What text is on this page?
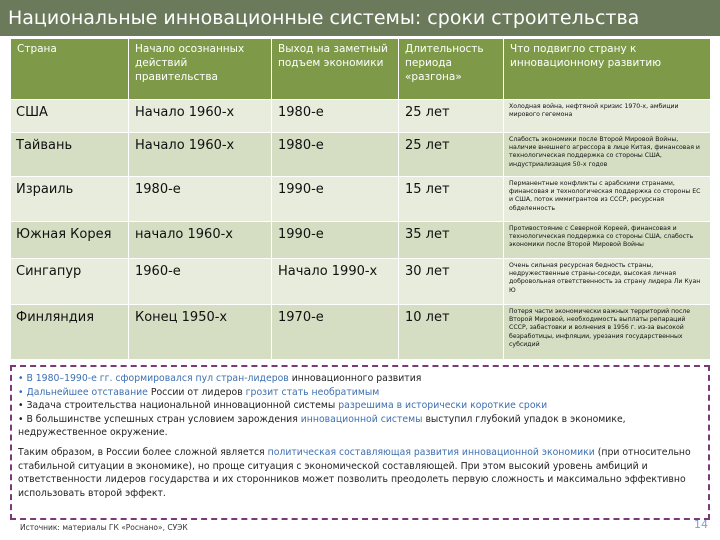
Национальные инновационные системы: сроки строительства
Страна	Начало осознанных действий правительства	Выход на заметный подъем экономики	Длительность периода «разгона»	Что подвигло страну к инновационному развитию
США	Начало 1960-х	1980-е	25 лет	Холодная война, нефтяной кризис 1970-х, амбиции мирового гегемона
Тайвань	Начало 1960-х	1980-е	25 лет	Слабость экономики после Второй Мировой Войны, наличие внешнего агрессора в лице Китая, финансовая и технологическая поддержка со стороны США, индустриализация 50-х годов
Израиль	1980-е	1990-е	15 лет	Перманентные конфликты с арабскими странами, финансовая и технологическая поддержка со стороны ЕС и США, поток иммигрантов из СССР, ресурсная обделенность
Южная Корея	начало 1960-х	1990-е	35 лет	Противостояние с Северной Кореей, финансовая и технологическая поддержка со стороны США, слабость экономики после Второй Мировой Войны
Сингапур	1960-е	Начало 1990-х	30 лет	Очень сильная ресурсная бедность страны, недружественные страны-соседи, высокая личная добровольная ответственность за страну лидера Ли Куан Ю
Финляндия	Конец 1950-х	1970-е	10 лет	Потеря части экономически важных территорий после Второй Мировой, необходимость выплаты репараций СССР, забастовки и волнения в 1956 г. из-за высокой безработицы, инфляции, урезания государственных субсидий

• В 1980–1990-е гг. сформировался пул стран-лидеров инновационного развития

• Дальнейшее отставание России от лидеров грозит стать необратимым

• Задача строительства национальной инновационной системы разрешима в исторически короткие сроки

• В большинстве успешных стран условием зарождения инновационной системы выступил глубокий упадок в экономике, недружественное окружение.

Таким образом, в России более сложной является политическая составляющая развития инновационной экономики (при относительно стабильной ситуации в экономике), но проще ситуация с экономической составляющей. При этом высокий уровень амбиций и ответственности лидеров государства и их сторонников может позволить преодолеть первую сложность и максимально эффективно использовать второй эффект.

Источник: материалы ГК «Роснано», СУЭК	14
